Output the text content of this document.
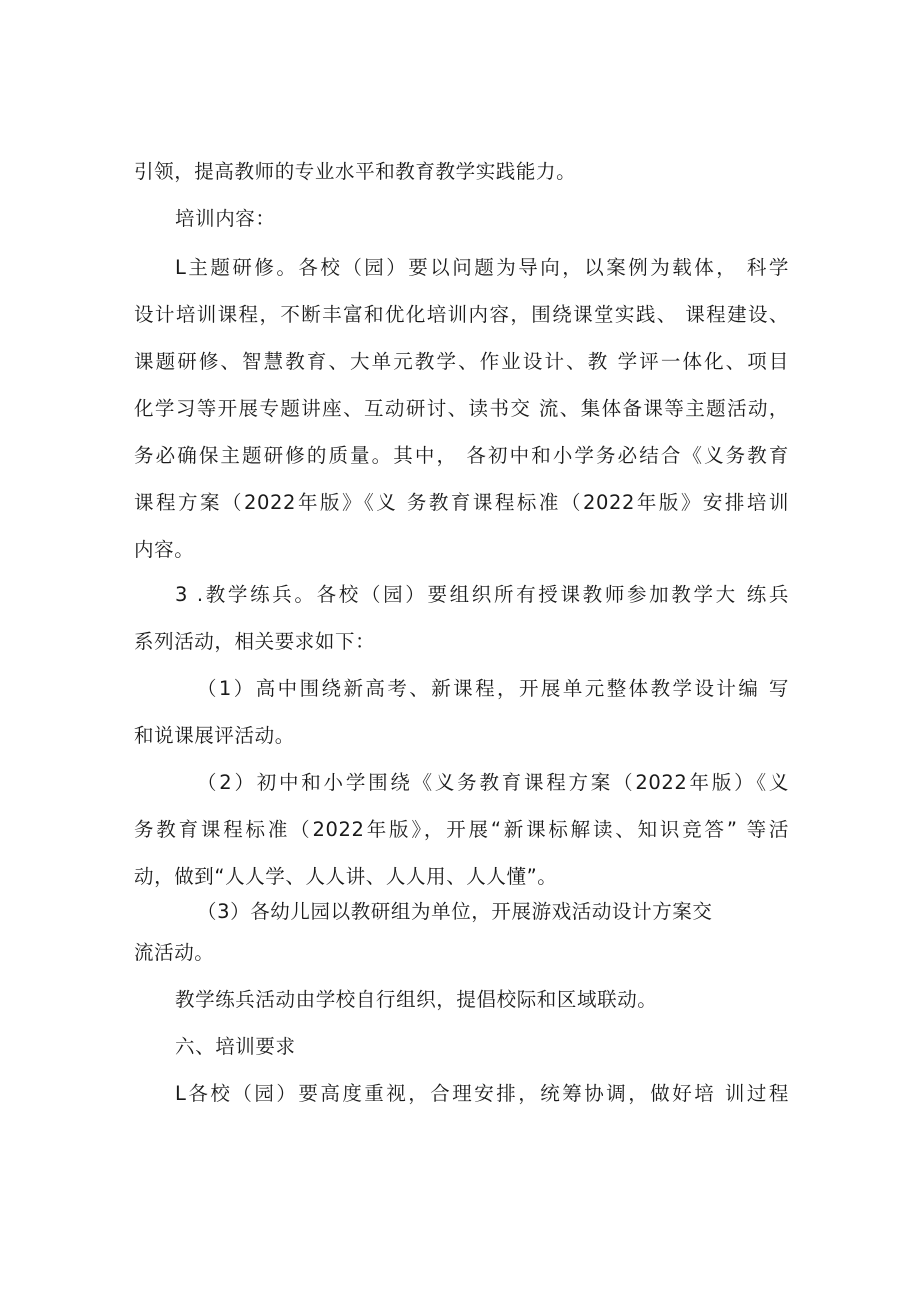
引领，提高教师的专业水平和教育教学实践能力。
培训内容：
L主题研修。各校（园）要以问题为导向，以案例为载体， 科学
设计培训课程，不断丰富和优化培训内容，围绕课堂实践、 课程建设、
课题研修、智慧教育、大单元教学、作业设计、教 学评一体化、项目
化学习等开展专题讲座、互动研讨、读书交 流、集体备课等主题活动，
务必确保主题研修的质量。其中， 各初中和小学务必结合《义务教育
课程方案（2022年版》《义 务教育课程标准（2022年版》安排培训
内容。
3 .教学练兵。各校（园）要组织所有授课教师参加教学大 练兵
系列活动，相关要求如下：
（1）高中围绕新高考、新课程，开展单元整体教学设计编 写
和说课展评活动。
（2）初中和小学围绕《义务教育课程方案（2022年版）《义
务教育课程标准（2022年版》，开展“新课标解读、知识竞答” 等活
动，做到“人人学、人人讲、人人用、人人懂”。
（3）各幼儿园以教研组为单位，开展游戏活动设计方案交
流活动。
教学练兵活动由学校自行组织，提倡校际和区域联动。
六、培训要求
L各校（园）要高度重视，合理安排，统筹协调，做好培 训过程
